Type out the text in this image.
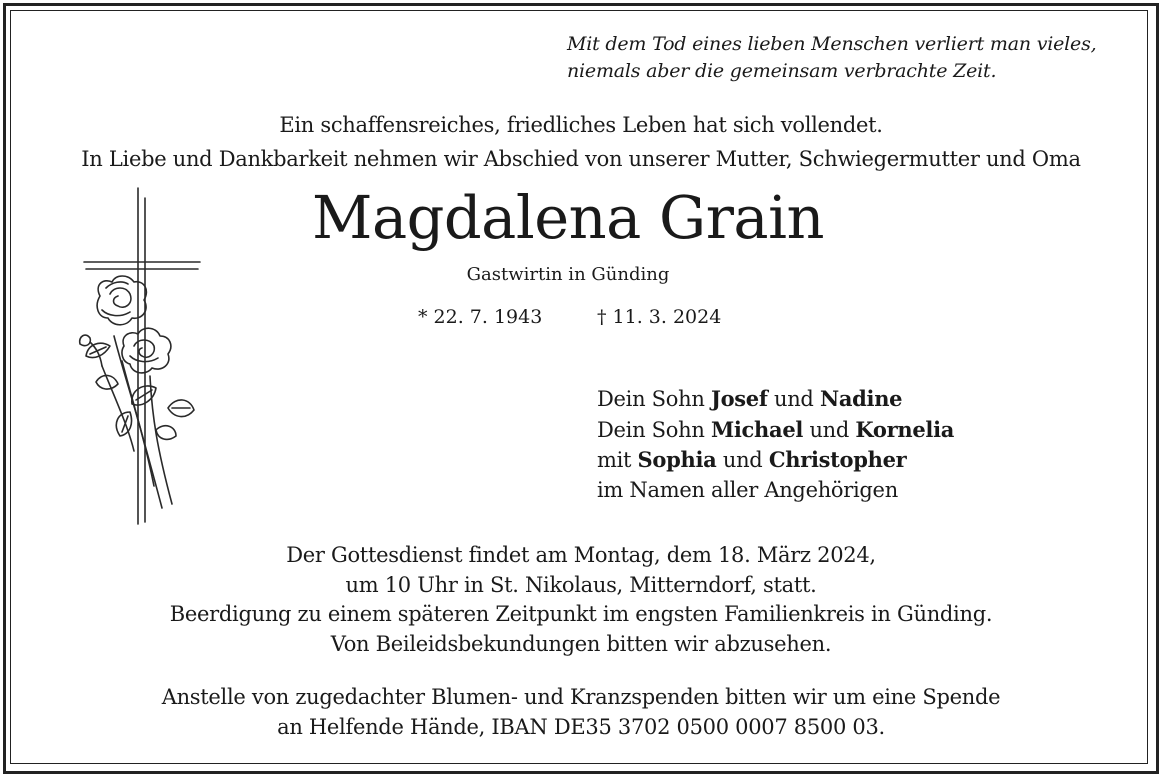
Mit dem Tod eines lieben Menschen verliert man vieles,
niemals aber die gemeinsam verbrachte Zeit.
Ein schaffensreiches, friedliches Leben hat sich vollendet.
In Liebe und Dankbarkeit nehmen wir Abschied von unserer Mutter, Schwiegermutter und Oma
Magdalena Grain
Gastwirtin in Günding
* 22. 7. 1943	† 11. 3. 2024
Dein Sohn Josef und Nadine
Dein Sohn Michael und Kornelia
mit Sophia und Christopher
im Namen aller Angehörigen
Der Gottesdienst findet am Montag, dem 18. März 2024,
um 10 Uhr in St. Nikolaus, Mitterndorf, statt.
Beerdigung zu einem späteren Zeitpunkt im engsten Familienkreis in Günding.
Von Beileidsbekundungen bitten wir abzusehen.
Anstelle von zugedachter Blumen- und Kranzspenden bitten wir um eine Spende
an Helfende Hände, IBAN DE35 3702 0500 0007 8500 03.
